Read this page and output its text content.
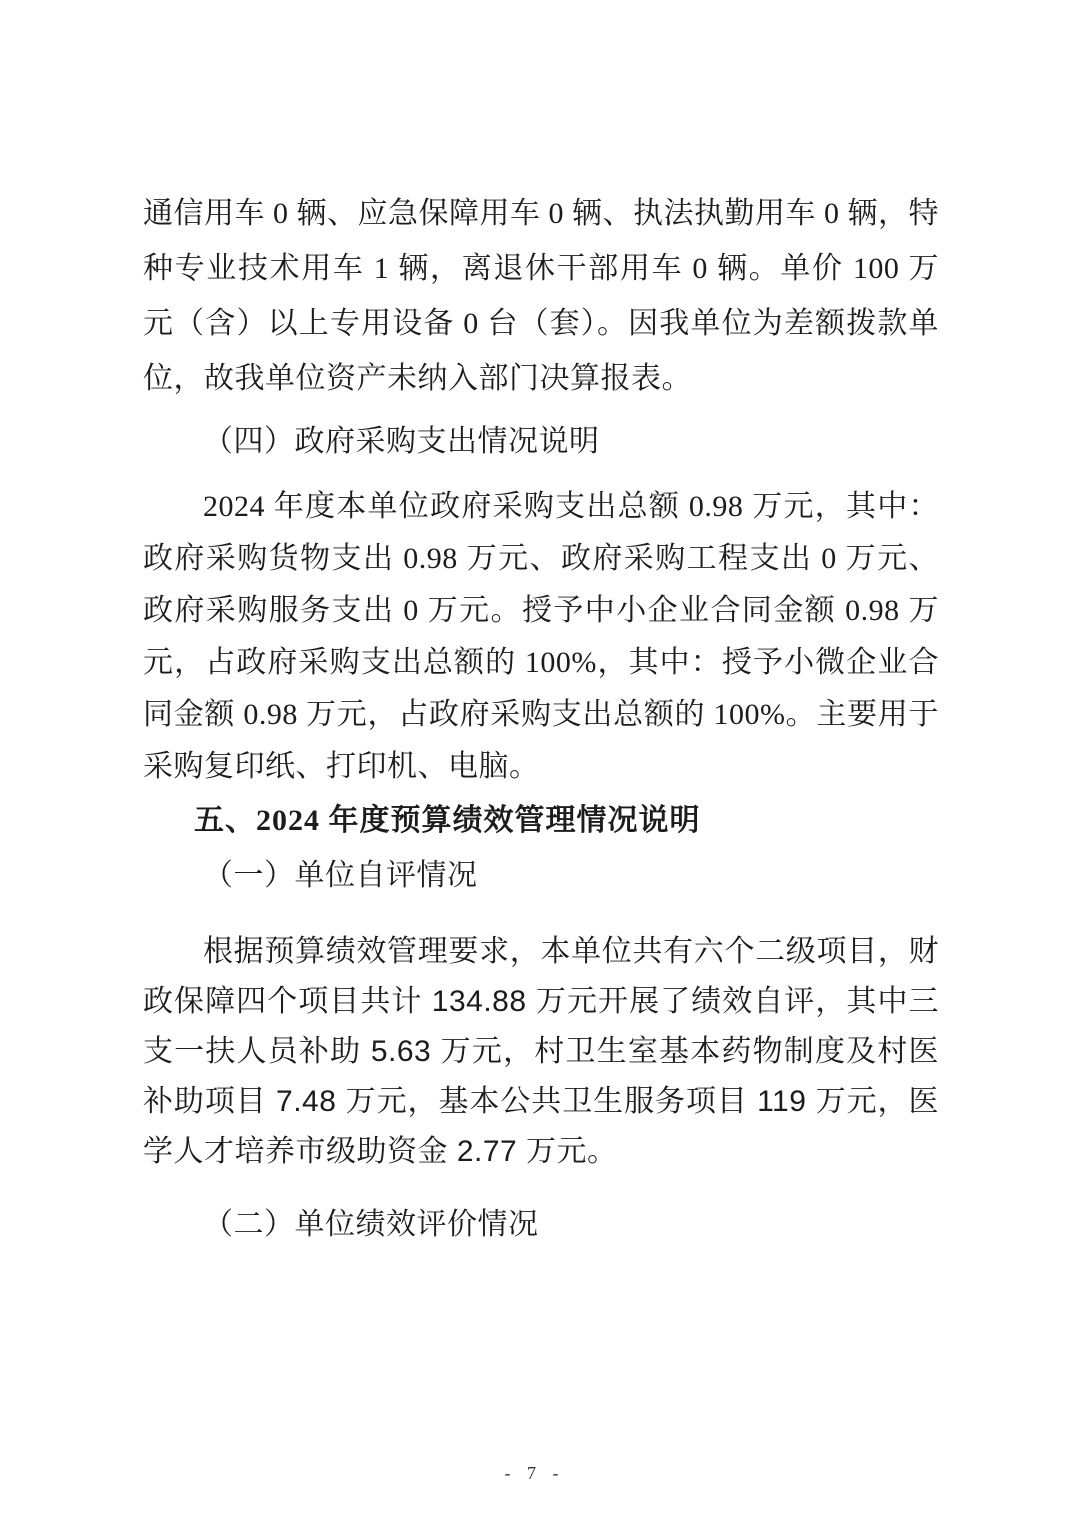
通信用车 0 辆、应急保障用车 0 辆、执法执勤用车 0 辆，特种专业技术用车 1 辆，离退休干部用车 0 辆。单价 100 万元（含）以上专用设备 0 台（套）。因我单位为差额拨款单位，故我单位资产未纳入部门决算报表。

（四）政府采购支出情况说明

2024 年度本单位政府采购支出总额 0.98 万元，其中：政府采购货物支出 0.98 万元、政府采购工程支出 0 万元、政府采购服务支出 0 万元。授予中小企业合同金额 0.98 万元，占政府采购支出总额的 100%，其中：授予小微企业合同金额 0.98 万元，占政府采购支出总额的 100%。主要用于采购复印纸、打印机、电脑。

五、2024 年度预算绩效管理情况说明

（一）单位自评情况

根据预算绩效管理要求，本单位共有六个二级项目，财政保障四个项目共计 134.88 万元开展了绩效自评，其中三支一扶人员补助 5.63 万元，村卫生室基本药物制度及村医补助项目 7.48 万元，基本公共卫生服务项目 119 万元，医学人才培养市级助资金 2.77 万元。

（二）单位绩效评价情况

- 7 -
